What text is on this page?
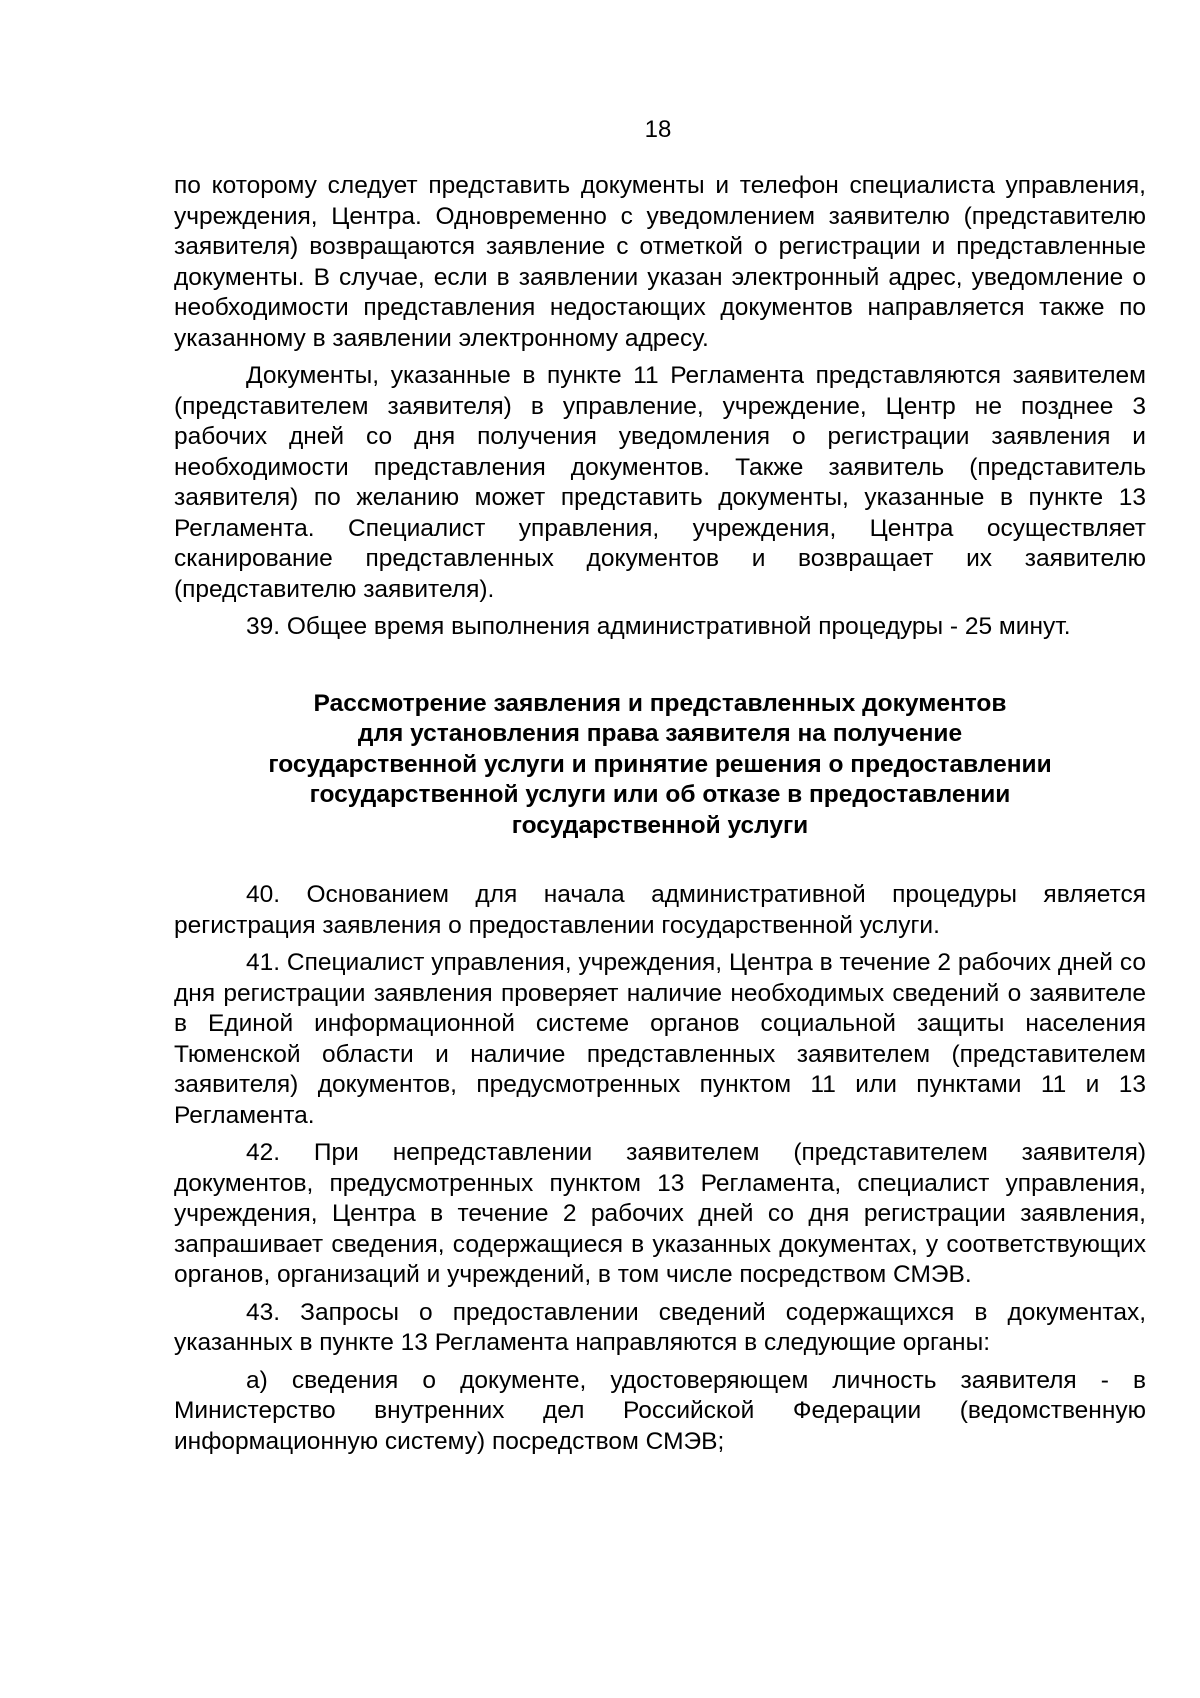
18

по которому следует представить документы и телефон специалиста управления, учреждения, Центра. Одновременно с уведомлением заявителю (представителю заявителя) возвращаются заявление с отметкой о регистрации и представленные документы. В случае, если в заявлении указан электронный адрес, уведомление о необходимости представления недостающих документов направляется также по указанному в заявлении электронному адресу.

Документы, указанные в пункте 11 Регламента представляются заявителем (представителем заявителя) в управление, учреждение, Центр не позднее 3 рабочих дней со дня получения уведомления о регистрации заявления и необходимости представления документов. Также заявитель (представитель заявителя) по желанию может представить документы, указанные в пункте 13 Регламента. Специалист управления, учреждения, Центра осуществляет сканирование представленных документов и возвращает их заявителю (представителю заявителя).

39. Общее время выполнения административной процедуры - 25 минут.

Рассмотрение заявления и представленных документов
для установления права заявителя на получение
государственной услуги и принятие решения о предоставлении
государственной услуги или об отказе в предоставлении
государственной услуги

40. Основанием для начала административной процедуры является регистрация заявления о предоставлении государственной услуги.

41. Специалист управления, учреждения, Центра в течение 2 рабочих дней со дня регистрации заявления проверяет наличие необходимых сведений о заявителе в Единой информационной системе органов социальной защиты населения Тюменской области и наличие представленных заявителем (представителем заявителя) документов, предусмотренных пунктом 11 или пунктами 11 и 13 Регламента.

42. При непредставлении заявителем (представителем заявителя) документов, предусмотренных пунктом 13 Регламента, специалист управления, учреждения, Центра в течение 2 рабочих дней со дня регистрации заявления, запрашивает сведения, содержащиеся в указанных документах, у соответствующих органов, организаций и учреждений, в том числе посредством СМЭВ.

43. Запросы о предоставлении сведений содержащихся в документах, указанных в пункте 13 Регламента направляются в следующие органы:

а) сведения о документе, удостоверяющем личность заявителя - в Министерство внутренних дел Российской Федерации (ведомственную информационную систему) посредством СМЭВ;
